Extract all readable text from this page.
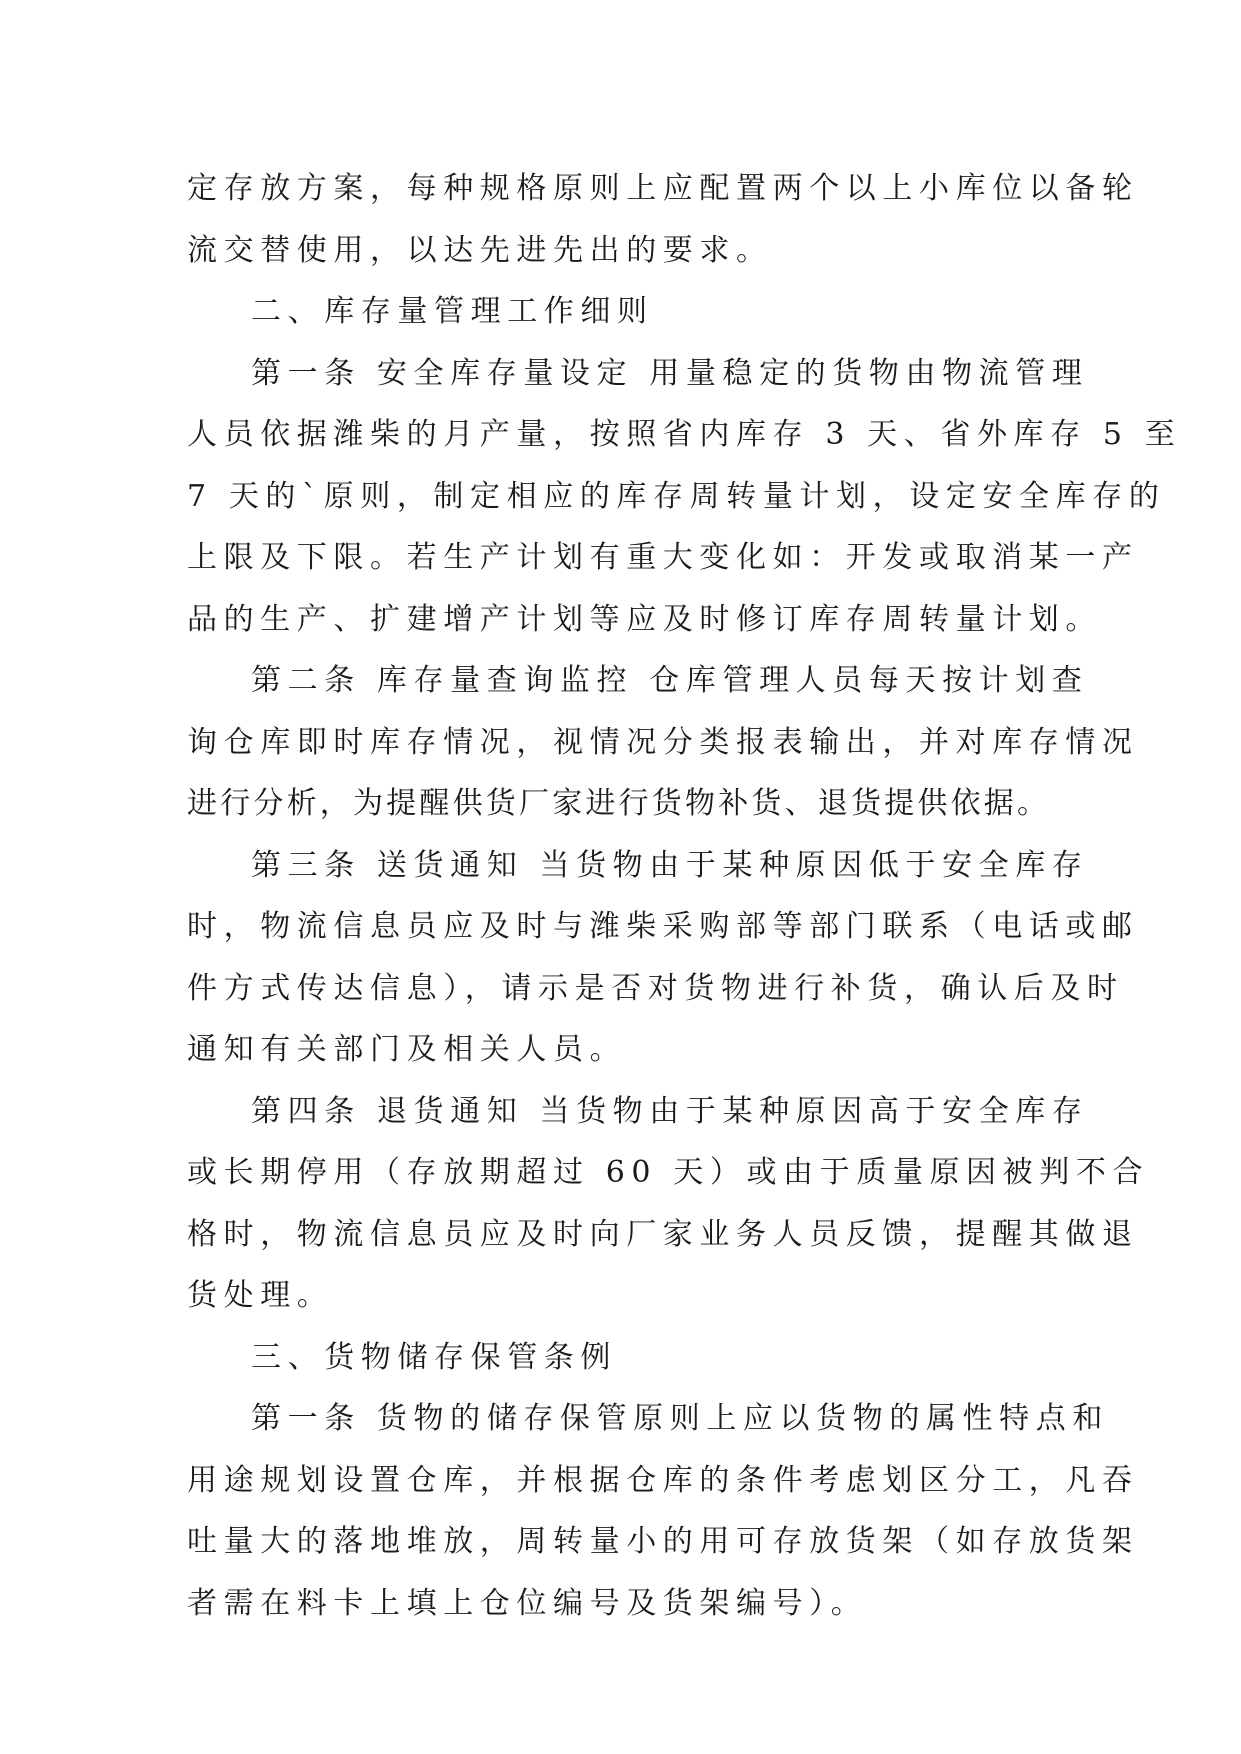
定存放方案，每种规格原则上应配置两个以上小库位以备轮
流交替使用，以达先进先出的要求。
二、库存量管理工作细则
第一条 安全库存量设定 用量稳定的货物由物流管理
人员依据潍柴的月产量，按照省内库存 3 天、省外库存 5 至
7 天的`原则，制定相应的库存周转量计划，设定安全库存的
上限及下限。若生产计划有重大变化如：开发或取消某一产
品的生产、扩建增产计划等应及时修订库存周转量计划。
第二条 库存量查询监控 仓库管理人员每天按计划查
询仓库即时库存情况，视情况分类报表输出，并对库存情况
进行分析，为提醒供货厂家进行货物补货、退货提供依据。
第三条 送货通知 当货物由于某种原因低于安全库存
时，物流信息员应及时与潍柴采购部等部门联系（电话或邮
件方式传达信息），请示是否对货物进行补货，确认后及时
通知有关部门及相关人员。
第四条 退货通知 当货物由于某种原因高于安全库存
或长期停用（存放期超过 60 天）或由于质量原因被判不合
格时，物流信息员应及时向厂家业务人员反馈，提醒其做退
货处理。
三、货物储存保管条例
第一条 货物的储存保管原则上应以货物的属性特点和
用途规划设置仓库，并根据仓库的条件考虑划区分工，凡吞
吐量大的落地堆放，周转量小的用可存放货架（如存放货架
者需在料卡上填上仓位编号及货架编号）。
